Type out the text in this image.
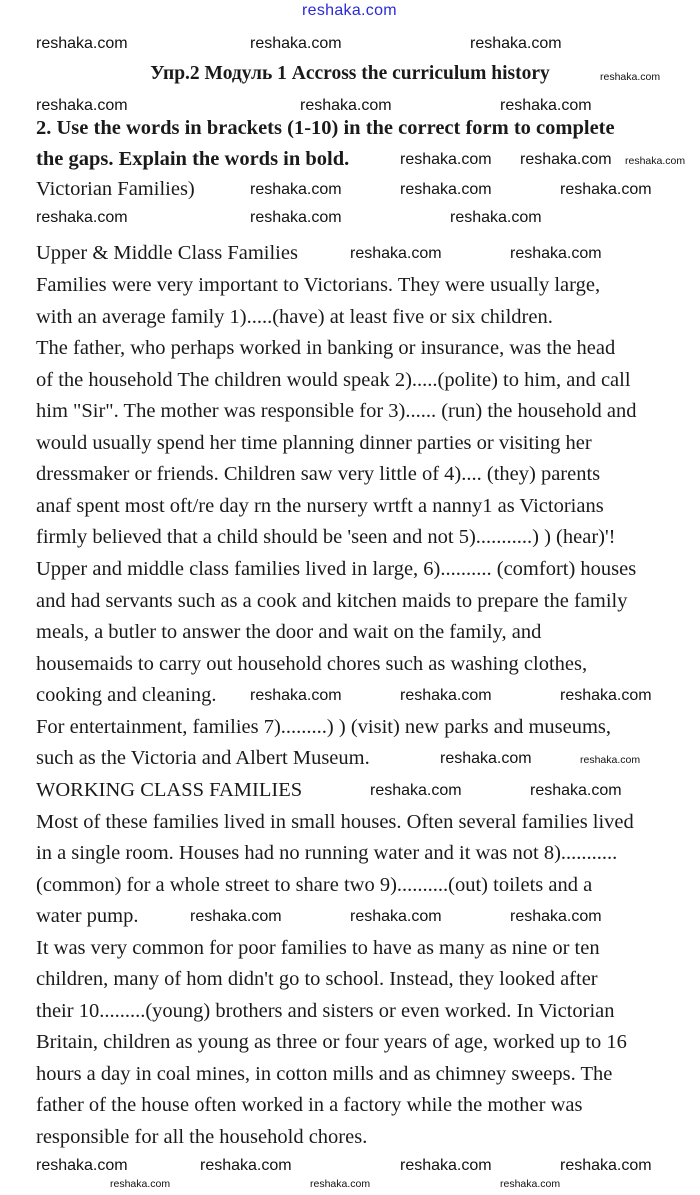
reshaka.com
Упр.2 Модуль 1 Accross the curriculum history
2. Use the words in brackets (1-10) in the correct form to complete
the gaps. Explain the words in bold.
Victorian Families)
Upper & Middle Class Families
Families were very important to Victorians. They were usually large,
with an average family 1).....(have) at least five or six children.
The father, who perhaps worked in banking or insurance, was the head
of the household The children would speak 2).....(polite) to him, and call
him "Sir". The mother was responsible for 3)...... (run) the household and
would usually spend her time planning dinner parties or visiting her
dressmaker or friends. Children saw very little of 4).... (they) parents
anaf spent most oft/re day rn the nursery wrtft a nanny1 as Victorians
firmly believed that a child should be 'seen and not 5)...........) ) (hear)'!
Upper and middle class families lived in large, 6).......... (comfort) houses
and had servants such as a cook and kitchen maids to prepare the family
meals, a butler to answer the door and wait on the family, and
housemaids to carry out household chores such as washing clothes,
cooking and cleaning.
For entertainment, families 7).........) ) (visit) new parks and museums,
such as the Victoria and Albert Museum.
WORKING CLASS FAMILIES
Most of these families lived in small houses. Often several families lived
in a single room. Houses had no running water and it was not 8)...........
(common) for a whole street to share two 9)..........(out) toilets and a
water pump.
It was very common for poor families to have as many as nine or ten
children, many of hom didn't go to school. Instead, they looked after
their 10.........(young) brothers and sisters or even worked. In Victorian
Britain, children as young as three or four years of age, worked up to 16
hours a day in coal mines, in cotton mills and as chimney sweeps. The
father of the house often worked in a factory while the mother was
responsible for all the household chores.
reshaka.com	reshaka.com	reshaka.com
reshaka.com
reshaka.com	reshaka.com	reshaka.com
reshaka.com reshaka.com reshaka.com
reshaka.com	reshaka.com	reshaka.com
reshaka.com	reshaka.com	reshaka.com
reshaka.com	reshaka.com
reshaka.com	reshaka.com	reshaka.com
reshaka.com	reshaka.com
reshaka.com	reshaka.com
reshaka.com	reshaka.com	reshaka.com
reshaka.com	reshaka.com	reshaka.com	reshaka.com
reshaka.com	reshaka.com	reshaka.com
